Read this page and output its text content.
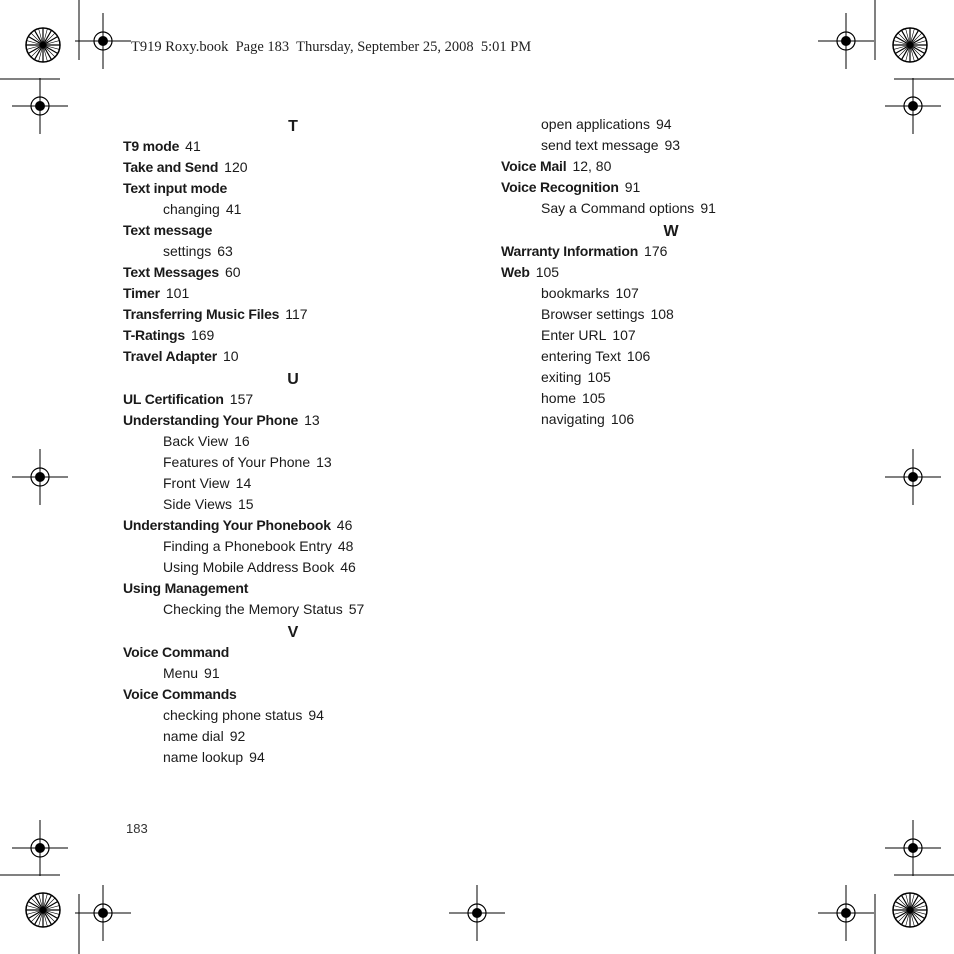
T919 Roxy.book  Page 183  Thursday, September 25, 2008  5:01 PM
T
T9 mode 41
Take and Send 120
Text input mode
changing 41
Text message
settings 63
Text Messages 60
Timer 101
Transferring Music Files 117
T-Ratings 169
Travel Adapter 10
U
UL Certification 157
Understanding Your Phone 13
Back View 16
Features of Your Phone 13
Front View 14
Side Views 15
Understanding Your Phonebook 46
Finding a Phonebook Entry 48
Using Mobile Address Book 46
Using Management
Checking the Memory Status 57
V
Voice Command
Menu 91
Voice Commands
checking phone status 94
name dial 92
name lookup 94
open applications 94
send text message 93
Voice Mail 12, 80
Voice Recognition 91
Say a Command options 91
W
Warranty Information 176
Web 105
bookmarks 107
Browser settings 108
Enter URL 107
entering Text 106
exiting 105
home 105
navigating 106
183
